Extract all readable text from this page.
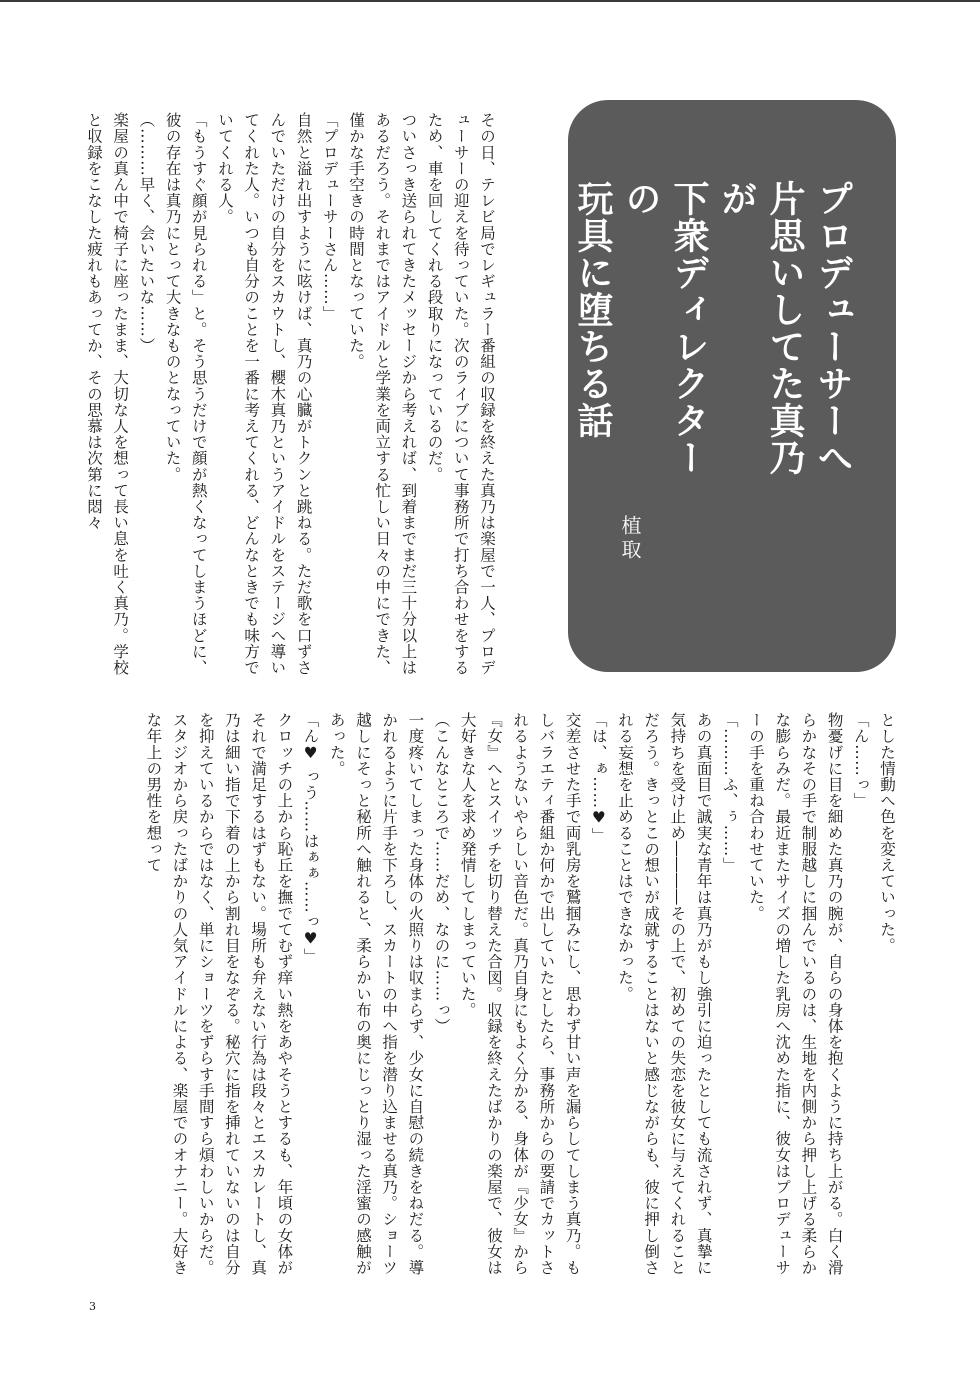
プロデューサーへ
片思いしてた真乃が
下衆ディレクターの
玩具に堕ちる話
植取

その日、テレビ局でレギュラー番組の収録を終えた真乃は楽屋で一人、プロデューサーの迎えを待っていた。次のライブについて事務所で打ち合わせをするため、車を回してくれる段取りになっているのだ。

ついさっき送られてきたメッセージから考えれば、到着までまだ三十分以上はあるだろう。それまではアイドルと学業を両立する忙しい日々の中にできた、僅かな手空きの時間となっていた。

「プロデューサーさん……」

自然と溢れ出すように呟けば、真乃の心臓がトクンと跳ねる。ただ歌を口ずさんでいただけの自分をスカウトし、櫻木真乃というアイドルをステージへ導いてくれた人。いつも自分のことを一番に考えてくれる、どんなときでも味方でいてくれる人。

「もうすぐ顔が見られる」と。そう思うだけで顔が熱くなってしまうほどに、彼の存在は真乃にとって大きなものとなっていた。

（………早く、会いたいな……）

楽屋の真ん中で椅子に座ったまま、大切な人を想って長い息を吐く真乃。学校と収録をこなした疲れもあってか、その思慕は次第に悶々

とした情動へ色を変えていった。

「ん……っ」

物憂げに目を細めた真乃の腕が、自らの身体を抱くように持ち上がる。白く滑らかなその手で制服越しに掴んでいるのは、生地を内側から押し上げる柔らかな膨らみだ。最近またサイズの増した乳房へ沈めた指に、彼女はプロデューサーの手を重ね合わせていた。

「………ふ、ぅ……」

あの真面目で誠実な青年は真乃がもし強引に迫ったとしても流されず、真摯に気持ちを受け止め――――その上で、初めての失恋を彼女に与えてくれることだろう。きっとこの想いが成就することはないと感じながらも、彼に押し倒される妄想を止めることはできなかった。

「は、ぁ……♥」

交差させた手で両乳房を鷲掴みにし、思わず甘い声を漏らしてしまう真乃。もしバラエティ番組か何かで出していたとしたら、事務所からの要請でカットされるようないやらしい音色だ。真乃自身にもよく分かる、身体が『少女』から『女』へとスイッチを切り替えた合図。収録を終えたばかりの楽屋で、彼女は大好きな人を求め発情してしまっていた。

（こんなところで……だめ、なのに……っ）

一度疼いてしまった身体の火照りは収まらず、少女に自慰の続きをねだる。導かれるように片手を下ろし、スカートの中へ指を潜り込ませる真乃。ショーツ越しにそっと秘所へ触れると、柔らかい布の奥にじっとり湿った淫蜜の感触があった。

「ん♥ っう……はぁぁ……っ♥」

クロッチの上から恥丘を撫でてむず痒い熱をあやそうとするも、年頃の女体がそれで満足するはずもない。場所も弁えない行為は段々とエスカレートし、真乃は細い指で下着の上から割れ目をなぞる。秘穴に指を挿れていないのは自分を抑えているからではなく、単にショーツをずらす手間すら煩わしいからだ。スタジオから戻ったばかりの人気アイドルによる、楽屋でのオナニー。大好きな年上の男性を想って

3
